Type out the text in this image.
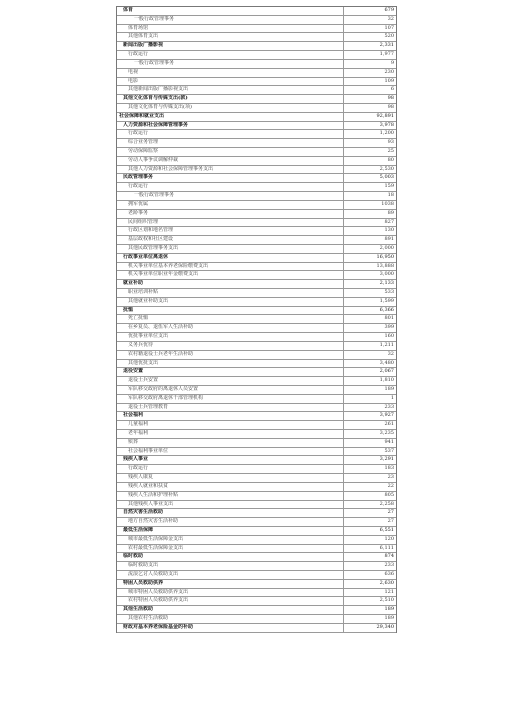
体育	679
一般行政管理事务	32
体育场馆	107
其他体育支出	520
新闻出版广播影视	2,331
行政运行	1,977
一般行政管理事务	9
电视	230
电影	109
其他新闻出版广播影视支出	6
其他文化体育与传媒支出(款)	98
其他文化体育与传媒支出(项)	98
社会保障和就业支出	92,891
人力资源和社会保障管理事务	3,978
行政运行	1,200
综合业务管理	93
劳动保障监察	25
劳动人事争议调解仲裁	80
其他人力资源和社会保障管理事务支出	2,530
民政管理事务	5,003
行政运行	159
一般行政管理事务	18
拥军优属	1038
老龄事务	89
民间组织管理	827
行政区划和地名管理	130
基层政权和社区建设	891
其他民政管理事务支出	2,000
行政事业单位离退休	16,950
机关事业单位基本养老保险缴费支出	13,888
机关事业单位职业年金缴费支出	3,000
就业补助	2,133
职业培训补贴	533
其他就业补助支出	1,599
抚恤	6,366
死亡抚恤	801
在乡复员、退伍军人生活补助	399
优抚事业单位支出	160
义务兵优待	1,211
农村籍退役士兵老年生活补助	32
其他优抚支出	3,480
退役安置	2,067
退役士兵安置	1,810
军队移交政府的离退休人员安置	189
军队移交政府离退休干部管理机构	1
退役士兵管理教育	233
社会福利	3,927
儿童福利	261
老年福利	3,235
殡葬	941
社会福利事业单位	537
残疾人事业	3,291
行政运行	183
残疾人康复	23
残疾人就业和扶贫	22
残疾人生活和护理补贴	805
其他残疾人事业支出	2,258
自然灾害生活救助	27
地方自然灾害生活补助	27
最低生活保障	6,551
城市最低生活保障金支出	120
农村最低生活保障金支出	6,111
临时救助	874
临时救助支出	233
流浪乞讨人员救助支出	636
特困人员救助供养	2,630
城市特困人员救助供养支出	121
农村特困人员救助供养支出	2,510
其他生活救助	189
其他农村生活救助	189
财政对基本养老保险基金的补助	29,340
